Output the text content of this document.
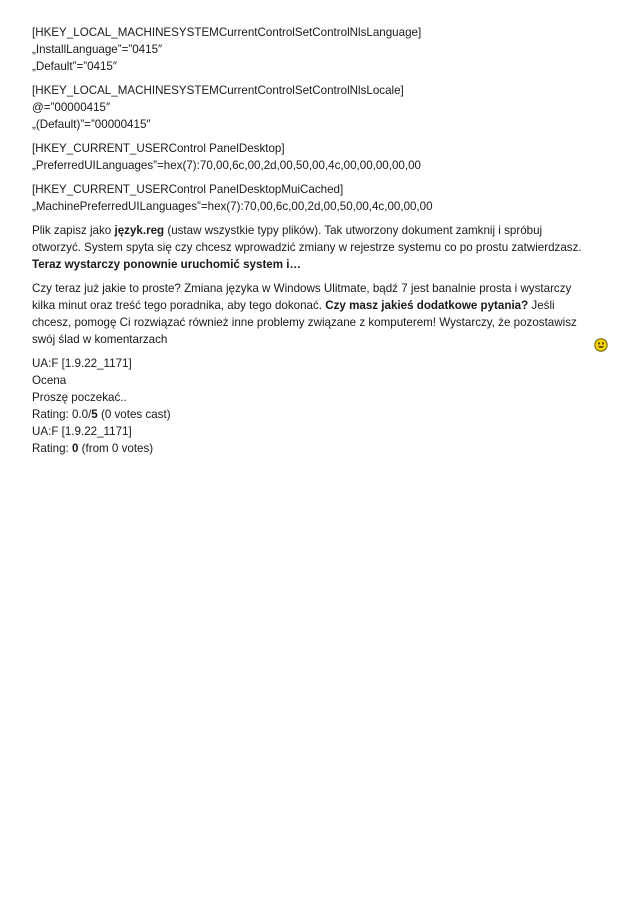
[HKEY_LOCAL_MACHINESYSTEMCurrentControlSetControlNlsLanguage]
„InstallLanguage”=”0415″
„Default”=”0415″
[HKEY_LOCAL_MACHINESYSTEMCurrentControlSetControlNlsLocale]
@=”00000415″
„(Default)”=”00000415″
[HKEY_CURRENT_USERControl PanelDesktop]
„PreferredUILanguages”=hex(7):70,00,6c,00,2d,00,50,00,4c,00,00,00,00,00
[HKEY_CURRENT_USERControl PanelDesktopMuiCached]
„MachinePreferredUILanguages”=hex(7):70,00,6c,00,2d,00,50,00,4c,00,00,00
Plik zapisz jako język.reg (ustaw wszystkie typy plików). Tak utworzony dokument zamknij i spróbuj
otworzyć. System spyta się czy chcesz wprowadzić zmiany w rejestrze systemu co po prostu zatwierdzasz.
Teraz wystarczy ponownie uruchomić system i…
Czy teraz już jakie to proste? Zmiana języka w Windows Ulitmate, bądź 7 jest banalnie prosta i wystarczy
kilka minut oraz treść tego poradnika, aby tego dokonać. Czy masz jakieś dodatkowe pytania? Jeśli
chcesz, pomogę Ci rozwiązać również inne problemy związane z komputerem! Wystarczy, że pozostawisz
swój ślad w komentarzach
UA:F [1.9.22_1171]
Ocena
Proszę poczekać..
Rating: 0.0/5 (0 votes cast)
UA:F [1.9.22_1171]
Rating: 0 (from 0 votes)
